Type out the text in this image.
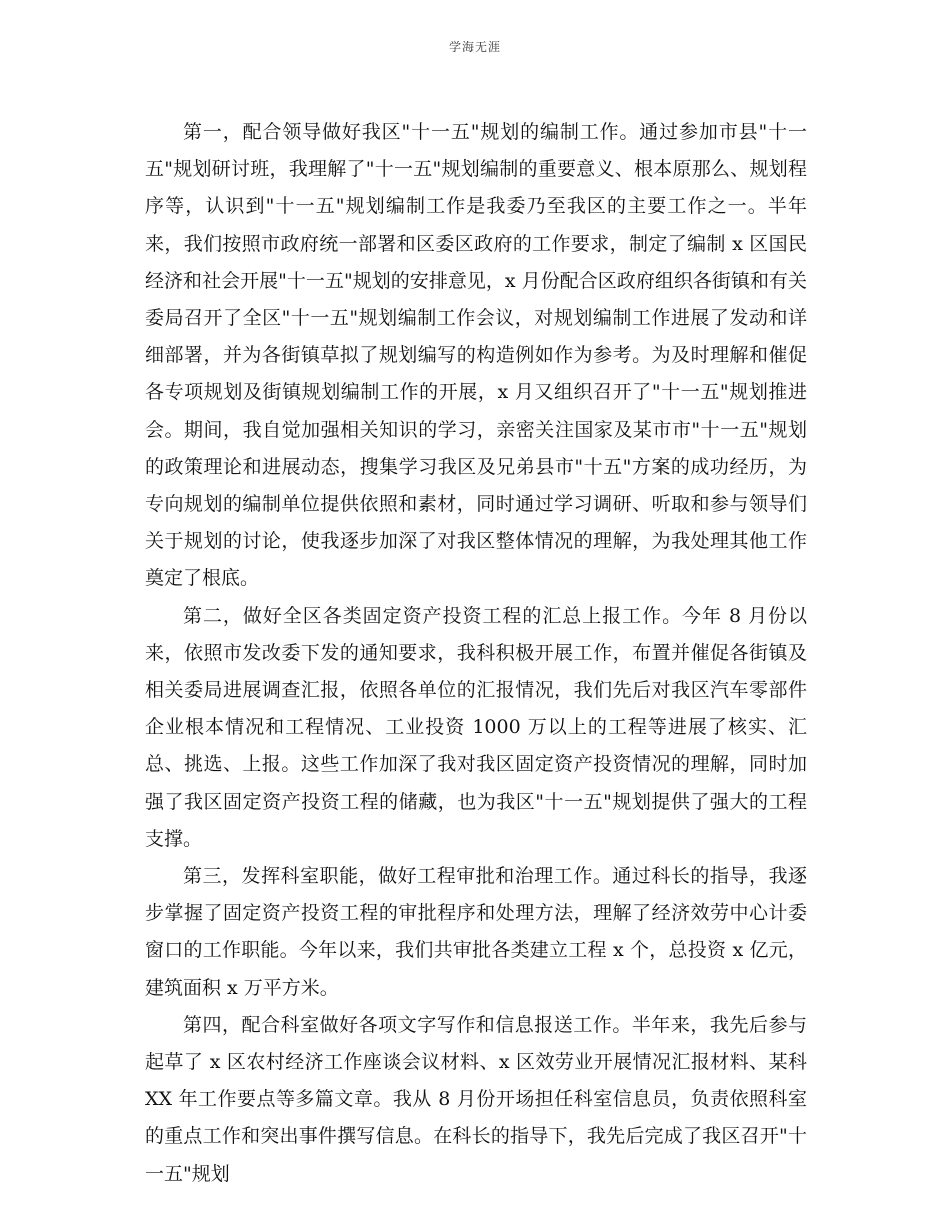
学海无涯

第一，配合领导做好我区"十一五"规划的编制工作。通过参加市县"十一五"规划研讨班，我理解了"十一五"规划编制的重要意义、根本原那么、规划程序等，认识到"十一五"规划编制工作是我委乃至我区的主要工作之一。半年来，我们按照市政府统一部署和区委区政府的工作要求，制定了编制 x 区国民经济和社会开展"十一五"规划的安排意见，x 月份配合区政府组织各街镇和有关委局召开了全区"十一五"规划编制工作会议，对规划编制工作进展了发动和详细部署，并为各街镇草拟了规划编写的构造例如作为参考。为及时理解和催促各专项规划及街镇规划编制工作的开展，x 月又组织召开了"十一五"规划推进会。期间，我自觉加强相关知识的学习，亲密关注国家及某市市"十一五"规划的政策理论和进展动态，搜集学习我区及兄弟县市"十五"方案的成功经历，为专向规划的编制单位提供依照和素材，同时通过学习调研、听取和参与领导们关于规划的讨论，使我逐步加深了对我区整体情况的理解，为我处理其他工作奠定了根底。

第二，做好全区各类固定资产投资工程的汇总上报工作。今年 8 月份以来，依照市发改委下发的通知要求，我科积极开展工作，布置并催促各街镇及相关委局进展调查汇报，依照各单位的汇报情况，我们先后对我区汽车零部件企业根本情况和工程情况、工业投资 1000 万以上的工程等进展了核实、汇总、挑选、上报。这些工作加深了我对我区固定资产投资情况的理解，同时加强了我区固定资产投资工程的储藏，也为我区"十一五"规划提供了强大的工程支撑。

第三，发挥科室职能，做好工程审批和治理工作。通过科长的指导，我逐步掌握了固定资产投资工程的审批程序和处理方法，理解了经济效劳中心计委窗口的工作职能。今年以来，我们共审批各类建立工程 x 个，总投资 x 亿元，建筑面积 x 万平方米。

第四，配合科室做好各项文字写作和信息报送工作。半年来，我先后参与起草了 x 区农村经济工作座谈会议材料、x 区效劳业开展情况汇报材料、某科 XX 年工作要点等多篇文章。我从 8 月份开场担任科室信息员，负责依照科室的重点工作和突出事件撰写信息。在科长的指导下，我先后完成了我区召开"十一五"规划
